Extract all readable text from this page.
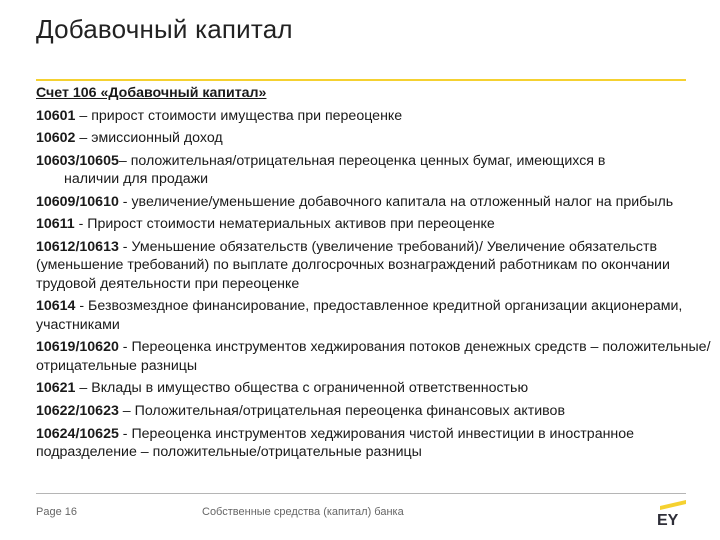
Добавочный капитал
Счет 106 «Добавочный капитал»
10601 – прирост стоимости имущества при переоценке
10602 – эмиссионный доход
10603/10605– положительная/отрицательная переоценка ценных бумаг, имеющихся в
наличии для продажи
10609/10610 - увеличение/уменьшение добавочного капитала на отложенный налог на прибыль
10611 - Прирост стоимости нематериальных активов при переоценке
10612/10613 - Уменьшение обязательств (увеличение требований)/ Увеличение обязательств (уменьшение требований) по выплате долгосрочных вознаграждений работникам по окончании трудовой деятельности при переоценке
10614 - Безвозмездное финансирование, предоставленное кредитной организации акционерами, участниками
10619/10620 - Переоценка инструментов хеджирования потоков денежных средств – положительные/отрицательные разницы
10621 – Вклады в имущество общества с ограниченной ответственностью
10622/10623 – Положительная/отрицательная переоценка финансовых активов
10624/10625 - Переоценка инструментов хеджирования чистой инвестиции в иностранное подразделение – положительные/отрицательные разницы
Page 16	Собственные средства (капитал) банка	EY
